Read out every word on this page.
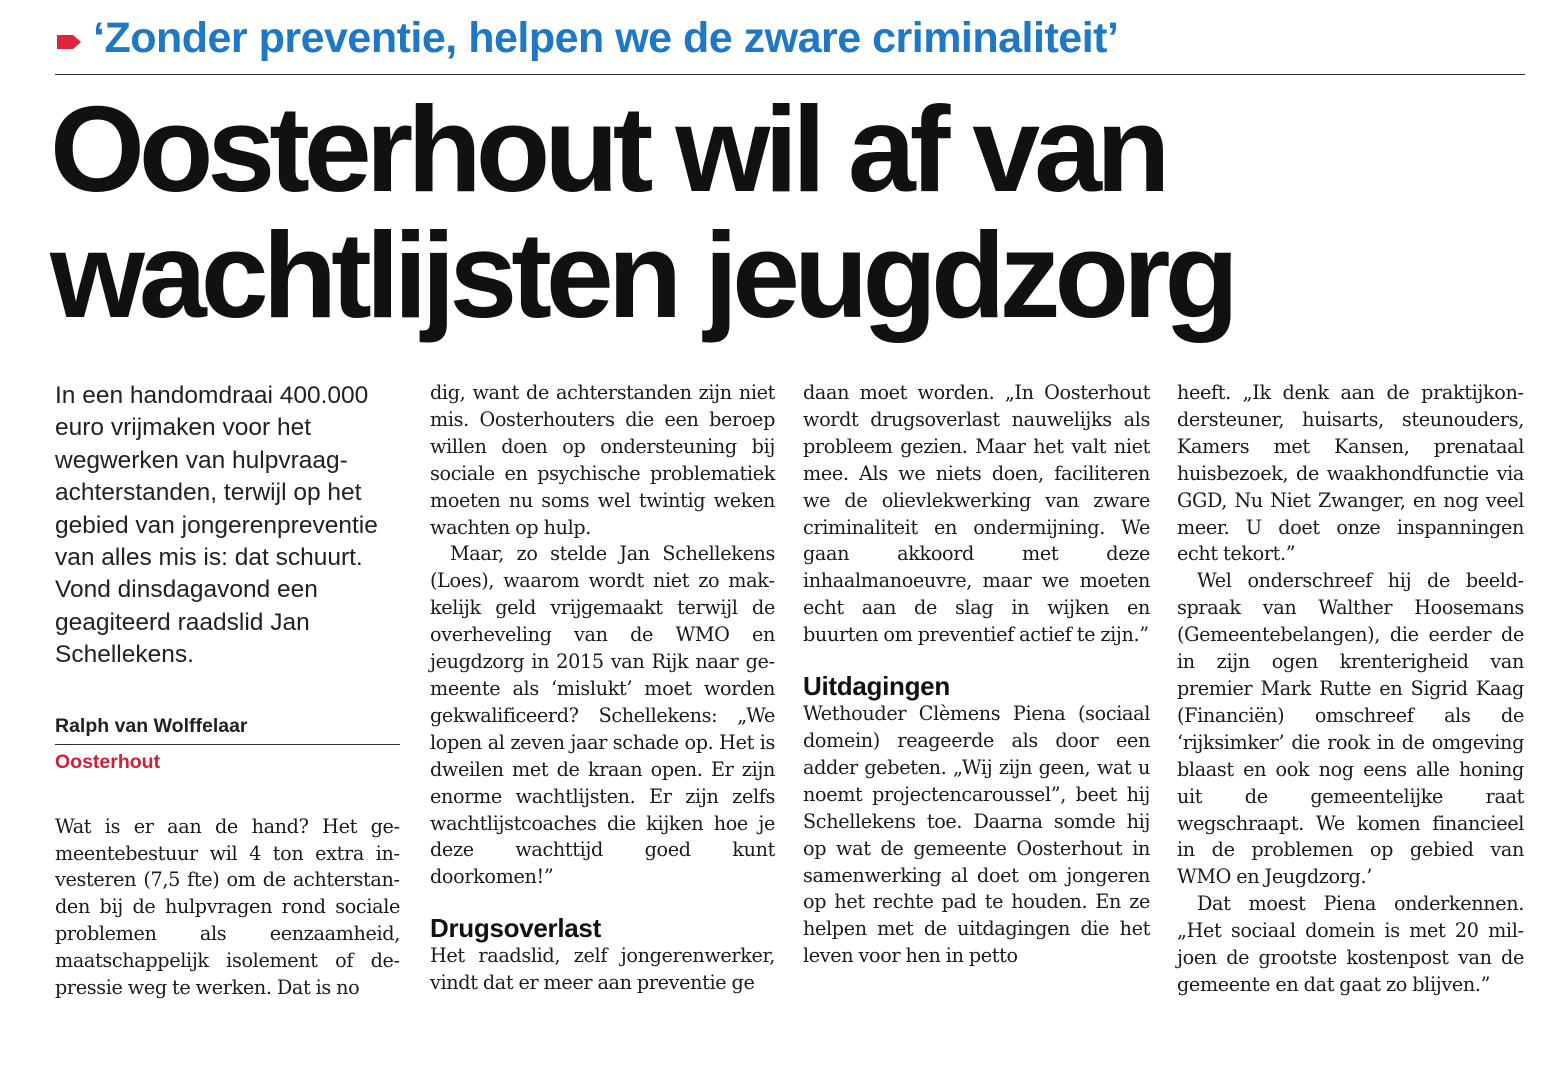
‘Zonder preventie, helpen we de zware criminaliteit’
Oosterhout wil af van
wachtlijsten jeugdzorg

In een handomdraai 400.000 euro vrijmaken voor het wegwerken van hulpvraag-achterstanden, terwijl op het gebied van jongerenpreventie van alles mis is: dat schuurt. Vond dinsdagavond een geagiteerd raadslid Jan Schellekens.

Ralph van Wolffelaar
Oosterhout

Wat is er aan de hand? Het gemeentebestuur wil 4 ton extra investeren (7,5 fte) om de achterstanden bij de hulpvragen rond sociale problemen als eenzaamheid, maatschappelijk isolement of depressie weg te werken. Dat is no

dig, want de achterstanden zijn niet mis. Oosterhouters die een beroep willen doen op ondersteuning bij sociale en psychische problematiek moeten nu soms wel twintig weken wachten op hulp.

Maar, zo stelde Jan Schellekens (Loes), waarom wordt niet zo makkelijk geld vrijgemaakt terwijl de overheveling van de WMO en jeugdzorg in 2015 van Rijk naar gemeente als ‘mislukt’ moet worden gekwalificeerd? Schellekens: „We lopen al zeven jaar schade op. Het is dweilen met de kraan open. Er zijn enorme wachtlijsten. Er zijn zelfs wachtlijstcoaches die kijken hoe je deze wachttijd goed kunt doorkomen!”

Drugsoverlast

Het raadslid, zelf jongerenwerker, vindt dat er meer aan preventie ge

daan moet worden. „In Oosterhout wordt drugsoverlast nauwelijks als probleem gezien. Maar het valt niet mee. Als we niets doen, faciliteren we de olievlekwerking van zware criminaliteit en ondermijning. We gaan akkoord met deze inhaalmanoeuvre, maar we moeten echt aan de slag in wijken en buurten om preventief actief te zijn.”

Uitdagingen

Wethouder Clèmens Piena (sociaal domein) reageerde als door een adder gebeten. „Wij zijn geen, wat u noemt projectencaroussel”, beet hij Schellekens toe. Daarna somde hij op wat de gemeente Oosterhout in samenwerking al doet om jongeren op het rechte pad te houden. En ze helpen met de uitdagingen die het leven voor hen in petto

heeft. „Ik denk aan de praktijkondersteuner, huisarts, steunouders, Kamers met Kansen, prenataal huisbezoek, de waakhondfunctie via GGD, Nu Niet Zwanger, en nog veel meer. U doet onze inspanningen echt tekort.”

Wel onderschreef hij de beeldspraak van Walther Hoosemans (Gemeentebelangen), die eerder de in zijn ogen krenterigheid van premier Mark Rutte en Sigrid Kaag (Financiën) omschreef als de ‘rijksimker’ die rook in de omgeving blaast en ook nog eens alle honing uit de gemeentelijke raat wegschraapt. We komen financieel in de problemen op gebied van WMO en Jeugdzorg.’

Dat moest Piena onderkennen. „Het sociaal domein is met 20 miljoen de grootste kostenpost van de gemeente en dat gaat zo blijven.”
